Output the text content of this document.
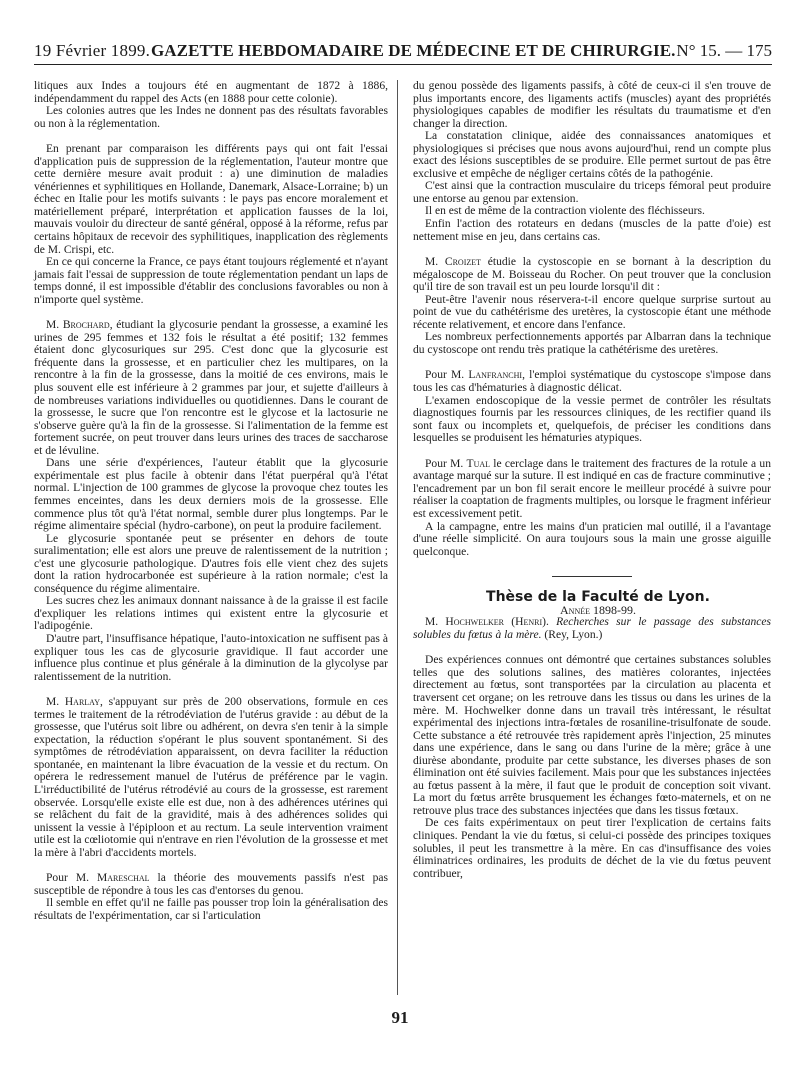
19 Février 1899. GAZETTE HEBDOMADAIRE DE MÉDECINE ET DE CHIRURGIE. N° 15. — 175

litiques aux Indes a toujours été en augmentant de 1872 à 1886, indépendamment du rappel des Acts (en 1888 pour cette colonie).

Les colonies autres que les Indes ne donnent pas des résultats favorables ou non à la réglementation.

En prenant par comparaison les différents pays qui ont fait l'essai d'application puis de suppression de la réglementation, l'auteur montre que cette dernière mesure avait produit : a) une diminution de maladies vénériennes et syphilitiques en Hollande, Danemark, Alsace-Lorraine; b) un échec en Italie pour les motifs suivants : le pays pas encore moralement et matériellement préparé, interprétation et application fausses de la loi, mauvais vouloir du directeur de santé général, opposé à la réforme, refus par certains hôpitaux de recevoir des syphilitiques, inapplication des règlements de M. Crispi, etc.

En ce qui concerne la France, ce pays étant toujours réglementé et n'ayant jamais fait l'essai de suppression de toute réglementation pendant un laps de temps donné, il est impossible d'établir des conclusions favorables ou non à n'importe quel système.

M. Brochard, étudiant la glycosurie pendant la grossesse, a examiné les urines de 295 femmes et 132 fois le résultat a été positif; 132 femmes étaient donc glycosuriques sur 295. C'est donc que la glycosurie est fréquente dans la grossesse, et en particulier chez les multipares, on la rencontre à la fin de la grossesse, dans la moitié de ces environs, mais le plus souvent elle est inférieure à 2 grammes par jour, et sujette d'ailleurs à de nombreuses variations individuelles ou quotidiennes. Dans le courant de la grossesse, le sucre que l'on rencontre est le glycose et la lactosurie ne s'observe guère qu'à la fin de la grossesse. Si l'alimentation de la femme est fortement sucrée, on peut trouver dans leurs urines des traces de saccharose et de lévuline.

Dans une série d'expériences, l'auteur établit que la glycosurie expérimentale est plus facile à obtenir dans l'état puerpéral qu'à l'état normal. L'injection de 100 grammes de glycose la provoque chez toutes les femmes enceintes, dans les deux derniers mois de la grossesse. Elle commence plus tôt qu'à l'état normal, semble durer plus longtemps. Par le régime alimentaire spécial (hydro-carbone), on peut la produire facilement.

Le glycosurie spontanée peut se présenter en dehors de toute suralimentation; elle est alors une preuve de ralentissement de la nutrition ; c'est une glycosurie pathologique. D'autres fois elle vient chez des sujets dont la ration hydrocarbonée est supérieure à la ration normale; c'est la conséquence du régime alimentaire.

Les sucres chez les animaux donnant naissance à de la graisse il est facile d'expliquer les relations intimes qui existent entre la glycosurie et l'adipogénie.

D'autre part, l'insuffisance hépatique, l'auto-intoxication ne suffisent pas à expliquer tous les cas de glycosurie gravidique. Il faut accorder une influence plus continue et plus générale à la diminution de la glycolyse par ralentissement de la nutrition.

M. Harlay, s'appuyant sur près de 200 observations, formule en ces termes le traitement de la rétrodéviation de l'utérus gravide : au début de la grossesse, que l'utérus soit libre ou adhérent, on devra s'en tenir à la simple expectation, la réduction s'opérant le plus souvent spontanément. Si des symptômes de rétrodéviation apparaissent, on devra faciliter la réduction spontanée, en maintenant la libre évacuation de la vessie et du rectum. On opérera le redressement manuel de l'utérus de préférence par le vagin. L'irréductibilité de l'utérus rétrodévié au cours de la grossesse, est rarement observée. Lorsqu'elle existe elle est due, non à des adhérences utérines qui se relâchent du fait de la gravidité, mais à des adhérences solides qui unissent la vessie à l'épiploon et au rectum. La seule intervention vraiment utile est la cœliotomie qui n'entrave en rien l'évolution de la grossesse et met la mère à l'abri d'accidents mortels.

Pour M. Mareschal la théorie des mouvements passifs n'est pas susceptible de répondre à tous les cas d'entorses du genou.

Il semble en effet qu'il ne faille pas pousser trop loin la généralisation des résultats de l'expérimentation, car si l'articulation

du genou possède des ligaments passifs, à côté de ceux-ci il s'en trouve de plus importants encore, des ligaments actifs (muscles) ayant des propriétés physiologiques capables de modifier les résultats du traumatisme et d'en changer la direction.

La constatation clinique, aidée des connaissances anatomiques et physiologiques si précises que nous avons aujourd'hui, rend un compte plus exact des lésions susceptibles de se produire. Elle permet surtout de pas être exclusive et empêche de négliger certains côtés de la pathogénie.

C'est ainsi que la contraction musculaire du triceps fémoral peut produire une entorse au genou par extension.

Il en est de même de la contraction violente des fléchisseurs.

Enfin l'action des rotateurs en dedans (muscles de la patte d'oie) est nettement mise en jeu, dans certains cas.

M. Croizet étudie la cystoscopie en se bornant à la description du mégaloscope de M. Boisseau du Rocher. On peut trouver que la conclusion qu'il tire de son travail est un peu lourde lorsqu'il dit :

Peut-être l'avenir nous réservera-t-il encore quelque surprise surtout au point de vue du cathétérisme des uretères, la cystoscopie étant une méthode récente relativement, et encore dans l'enfance.

Les nombreux perfectionnements apportés par Albarran dans la technique du cystoscope ont rendu très pratique la cathétérisme des uretères.

Pour M. Lanfranchi, l'emploi systématique du cystoscope s'impose dans tous les cas d'hématuries à diagnostic délicat.

L'examen endoscopique de la vessie permet de contrôler les résultats diagnostiques fournis par les ressources cliniques, de les rectifier quand ils sont faux ou incomplets et, quelquefois, de préciser les conditions dans lesquelles se produisent les hématuries atypiques.

Pour M. Tual le cerclage dans le traitement des fractures de la rotule a un avantage marqué sur la suture. Il est indiqué en cas de fracture comminutive ; l'encadrement par un bon fil serait encore le meilleur procédé à suivre pour réaliser la coaptation de fragments multiples, ou lorsque le fragment inférieur est excessivement petit.

A la campagne, entre les mains d'un praticien mal outillé, il a l'avantage d'une réelle simplicité. On aura toujours sous la main une grosse aiguille quelconque.

Thèse de la Faculté de Lyon.

Année 1898-99.

M. Hochwelker (Henri). Recherches sur le passage des substances solubles du fœtus à la mère. (Rey, Lyon.)

Des expériences connues ont démontré que certaines substances solubles telles que des solutions salines, des matières colorantes, injectées directement au fœtus, sont transportées par la circulation au placenta et traversent cet organe; on les retrouve dans les tissus ou dans les urines de la mère. M. Hochwelker donne dans un travail très intéressant, le résultat expérimental des injections intra-fœtales de rosaniline-trisulfonate de soude. Cette substance a été retrouvée très rapidement après l'injection, 25 minutes dans une expérience, dans le sang ou dans l'urine de la mère; grâce à une diurèse abondante, produite par cette substance, les diverses phases de son élimination ont été suivies facilement. Mais pour que les substances injectées au fœtus passent à la mère, il faut que le produit de conception soit vivant. La mort du fœtus arrête brusquement les échanges fœto-maternels, et on ne retrouve plus trace des substances injectées que dans les tissus fœtaux.

De ces faits expérimentaux on peut tirer l'explication de certains faits cliniques. Pendant la vie du fœtus, si celui-ci possède des principes toxiques solubles, il peut les transmettre à la mère. En cas d'insuffisance des voies éliminatrices ordinaires, les produits de déchet de la vie du fœtus peuvent contribuer,

91
